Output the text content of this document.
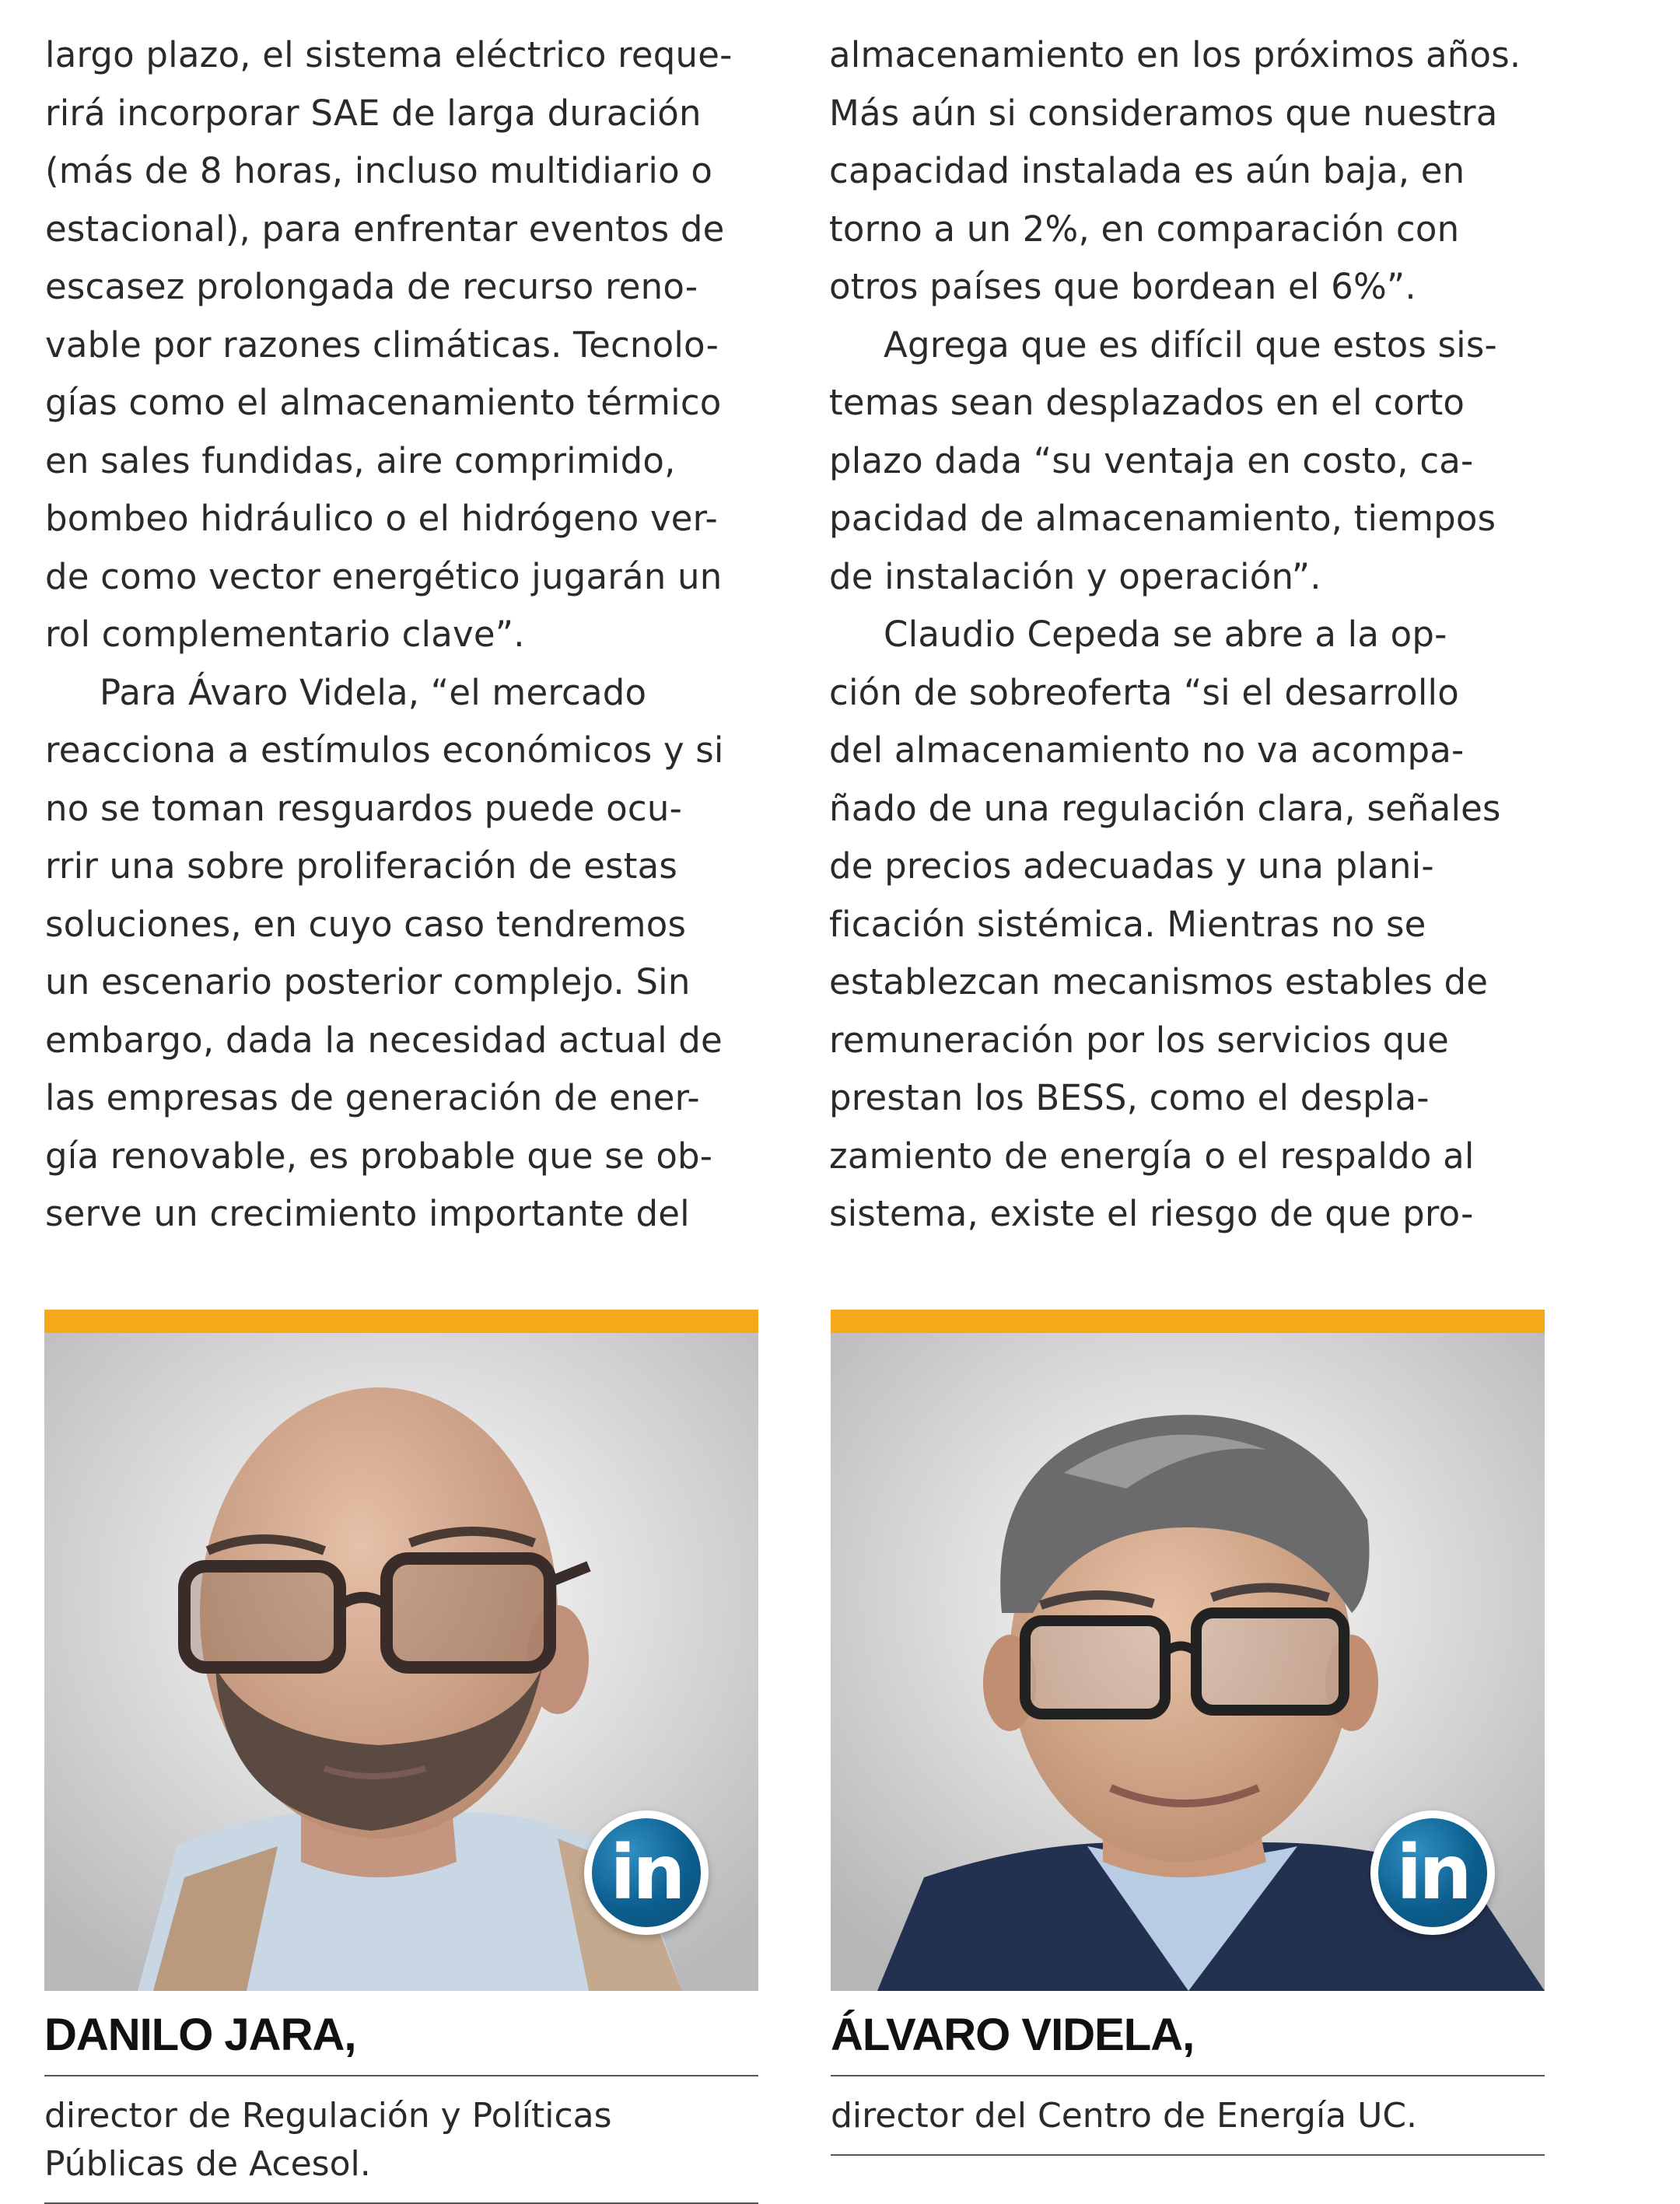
largo plazo, el sistema eléctrico reque-
rirá incorporar SAE de larga duración
(más de 8 horas, incluso multidiario o
estacional), para enfrentar eventos de
escasez prolongada de recurso reno-
vable por razones climáticas. Tecnolo-
gías como el almacenamiento térmico
en sales fundidas, aire comprimido,
bombeo hidráulico o el hidrógeno ver-
de como vector energético jugarán un
rol complementario clave”.
Para Ávaro Videla, “el mercado
reacciona a estímulos económicos y si
no se toman resguardos puede ocu-
rrir una sobre proliferación de estas
soluciones, en cuyo caso tendremos
un escenario posterior complejo. Sin
embargo, dada la necesidad actual de
las empresas de generación de ener-
gía renovable, es probable que se ob-
serve un crecimiento importante del
almacenamiento en los próximos años.
Más aún si consideramos que nuestra
capacidad instalada es aún baja, en
torno a un 2%, en comparación con
otros países que bordean el 6%”.
Agrega que es difícil que estos sis-
temas sean desplazados en el corto
plazo dada “su ventaja en costo, ca-
pacidad de almacenamiento, tiempos
de instalación y operación”.
Claudio Cepeda se abre a la op-
ción de sobreoferta “si el desarrollo
del almacenamiento no va acompa-
ñado de una regulación clara, señales
de precios adecuadas y una plani-
ficación sistémica. Mientras no se
establezcan mecanismos estables de
remuneración por los servicios que
prestan los BESS, como el despla-
zamiento de energía o el respaldo al
sistema, existe el riesgo de que pro-
in
DANILO JARA,
director de Regulación y Políticas
Públicas de Acesol.
in
ÁLVARO VIDELA,
director del Centro de Energía UC.
